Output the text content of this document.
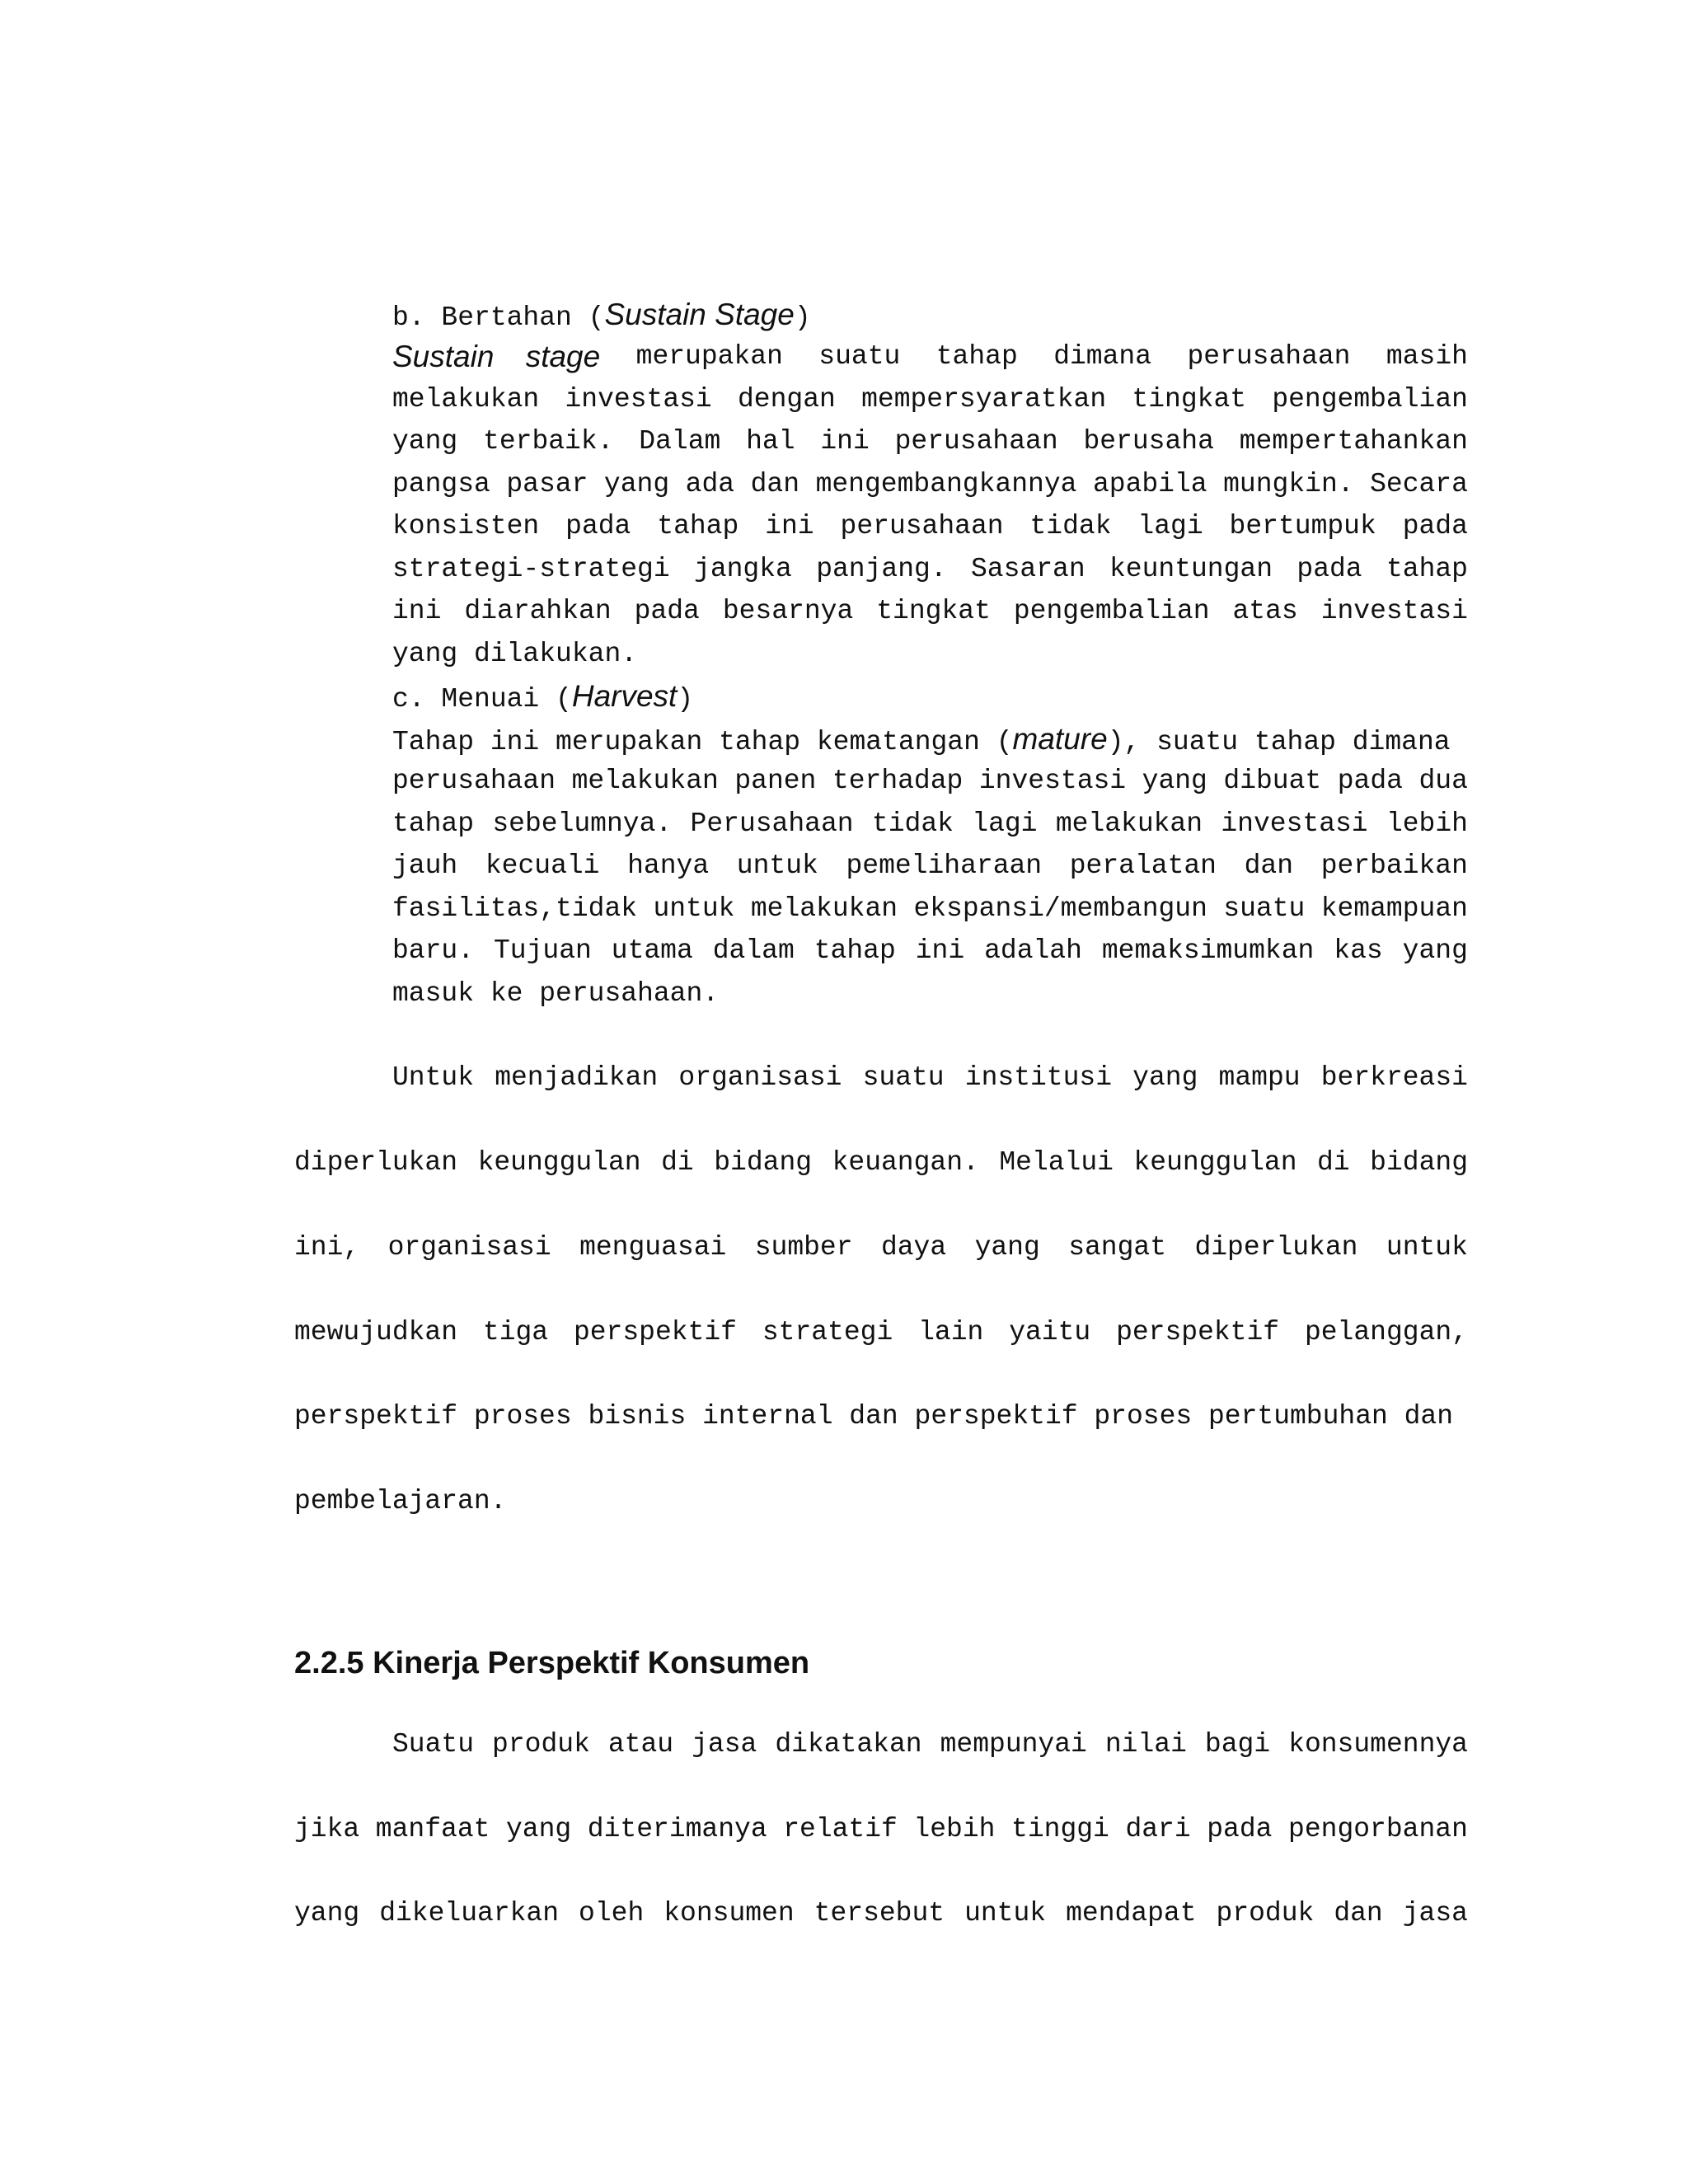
b. Bertahan (Sustain Stage)
Sustain stage merupakan suatu tahap dimana perusahaan masih
melakukan investasi dengan mempersyaratkan tingkat pengembalian
yang terbaik. Dalam hal ini perusahaan berusaha mempertahankan
pangsa pasar yang ada dan mengembangkannya apabila mungkin. Secara
konsisten pada tahap ini perusahaan tidak lagi bertumpuk pada
strategi-strategi jangka panjang. Sasaran keuntungan pada tahap
ini diarahkan pada besarnya tingkat pengembalian atas investasi
yang dilakukan.
c. Menuai (Harvest)
Tahap ini merupakan tahap kematangan (mature), suatu tahap dimana
perusahaan melakukan panen terhadap investasi yang dibuat pada dua
tahap sebelumnya. Perusahaan tidak lagi melakukan investasi lebih
jauh kecuali hanya untuk pemeliharaan peralatan dan perbaikan
fasilitas,tidak untuk melakukan ekspansi/membangun suatu kemampuan
baru. Tujuan utama dalam tahap ini adalah memaksimumkan kas yang
masuk ke perusahaan.
Untuk menjadikan organisasi suatu institusi yang mampu berkreasi
diperlukan keunggulan di bidang keuangan. Melalui keunggulan di bidang
ini, organisasi menguasai sumber daya yang sangat diperlukan untuk
mewujudkan tiga perspektif strategi lain yaitu perspektif pelanggan,
perspektif proses bisnis internal dan perspektif proses pertumbuhan dan
pembelajaran.
2.2.5 Kinerja Perspektif Konsumen
Suatu produk atau jasa dikatakan mempunyai nilai bagi konsumennya
jika manfaat yang diterimanya relatif lebih tinggi dari pada pengorbanan
yang dikeluarkan oleh konsumen tersebut untuk mendapat produk dan jasa
